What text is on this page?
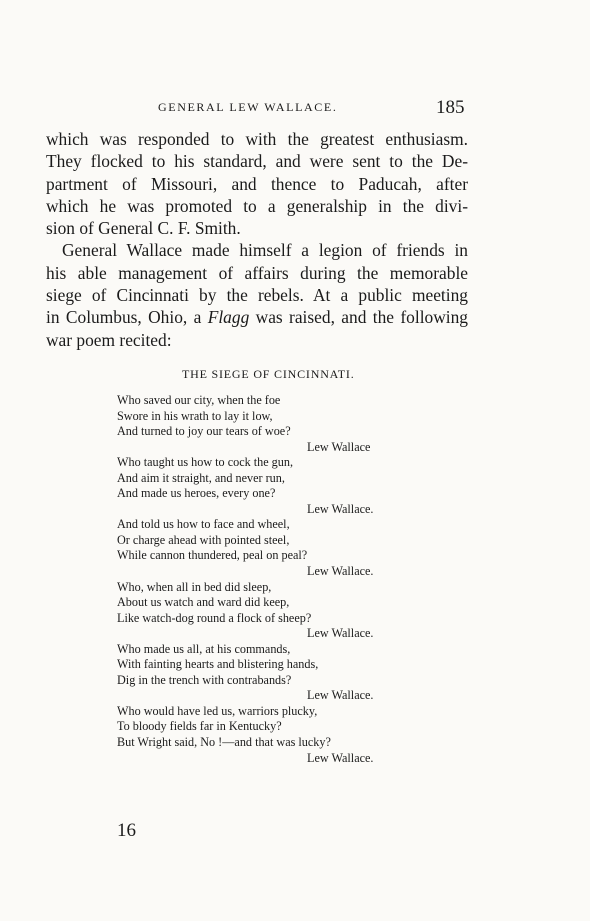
GENERAL LEW WALLACE.	185
which was responded to with the greatest enthusiasm.
They flocked to his standard, and were sent to the De-
partment of Missouri, and thence to Paducah, after
which he was promoted to a generalship in the divi-
sion of General C. F. Smith.
General Wallace made himself a legion of friends in
his able management of affairs during the memorable
siege of Cincinnati by the rebels. At a public meeting
in Columbus, Ohio, a Flagg was raised, and the following
war poem recited:
THE SIEGE OF CINCINNATI.
Who saved our city, when the foe
Swore in his wrath to lay it low,
And turned to joy our tears of woe?
Lew Wallace
Who taught us how to cock the gun,
And aim it straight, and never run,
And made us heroes, every one?
Lew Wallace.
And told us how to face and wheel,
Or charge ahead with pointed steel,
While cannon thundered, peal on peal?
Lew Wallace.
Who, when all in bed did sleep,
About us watch and ward did keep,
Like watch-dog round a flock of sheep?
Lew Wallace.
Who made us all, at his commands,
With fainting hearts and blistering hands,
Dig in the trench with contrabands?
Lew Wallace.
Who would have led us, warriors plucky,
To bloody fields far in Kentucky?
But Wright said, No !—and that was lucky?
Lew Wallace.
16
